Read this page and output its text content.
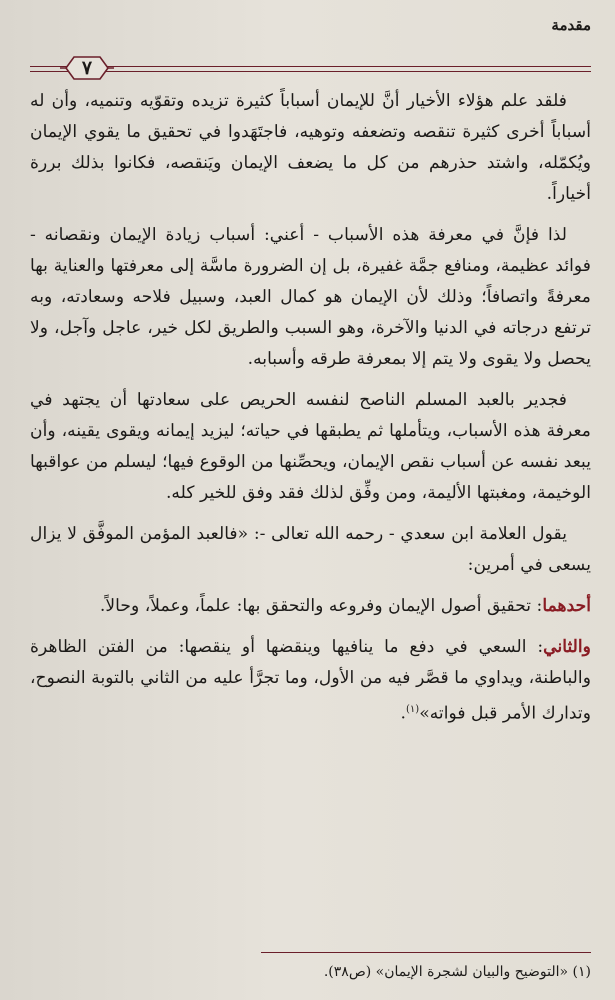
مقدمة
٧

فلقد علم هؤلاء الأخيار أنَّ للإيمان أسباباً كثيرة تزيده وتقوّيه وتنميه، وأن له أسباباً أخرى كثيرة تنقصه وتضعفه وتوهيه، فاجتَهَدوا في تحقيق ما يقوي الإيمان ويُكمّله، واشتد حذرهم من كل ما يضعف الإيمان ويَنقصه، فكانوا بذلك بررة أخياراً.

لذا فإنَّ في معرفة هذه الأسباب - أعني: أسباب زيادة الإيمان ونقصانه - فوائد عظيمة، ومنافع جمَّة غفيرة، بل إن الضرورة ماسَّة إلى معرفتها والعناية بها معرفةً واتصافاً؛ وذلك لأن الإيمان هو كمال العبد، وسبيل فلاحه وسعادته، وبه ترتفع درجاته في الدنيا والآخرة، وهو السبب والطريق لكل خير، عاجل وآجل، ولا يحصل ولا يقوى ولا يتم إلا بمعرفة طرقه وأسبابه.

فجدير بالعبد المسلم الناصح لنفسه الحريص على سعادتها أن يجتهد في معرفة هذه الأسباب، ويتأملها ثم يطبقها في حياته؛ ليزيد إيمانه ويقوى يقينه، وأن يبعد نفسه عن أسباب نقص الإيمان، ويحصِّنها من الوقوع فيها؛ ليسلم من عواقبها الوخيمة، ومغبتها الأليمة، ومن وفِّق لذلك فقد وفق للخير كله.

يقول العلامة ابن سعدي - رحمه الله تعالى -: «فالعبد المؤمن الموفَّق لا يزال يسعى في أمرين:

أحدهما: تحقيق أصول الإيمان وفروعه والتحقق بها: علماً، وعملاً، وحالاً.

والثاني: السعي في دفع ما ينافيها وينقضها أو ينقصها: من الفتن الظاهرة والباطنة، ويداوي ما قصَّر فيه من الأول، وما تجرَّأ عليه من الثاني بالتوبة النصوح، وتدارك الأمر قبل فواته»$^{(١)}$.

(١) «التوضيح والبيان لشجرة الإيمان» (ص٣٨).
